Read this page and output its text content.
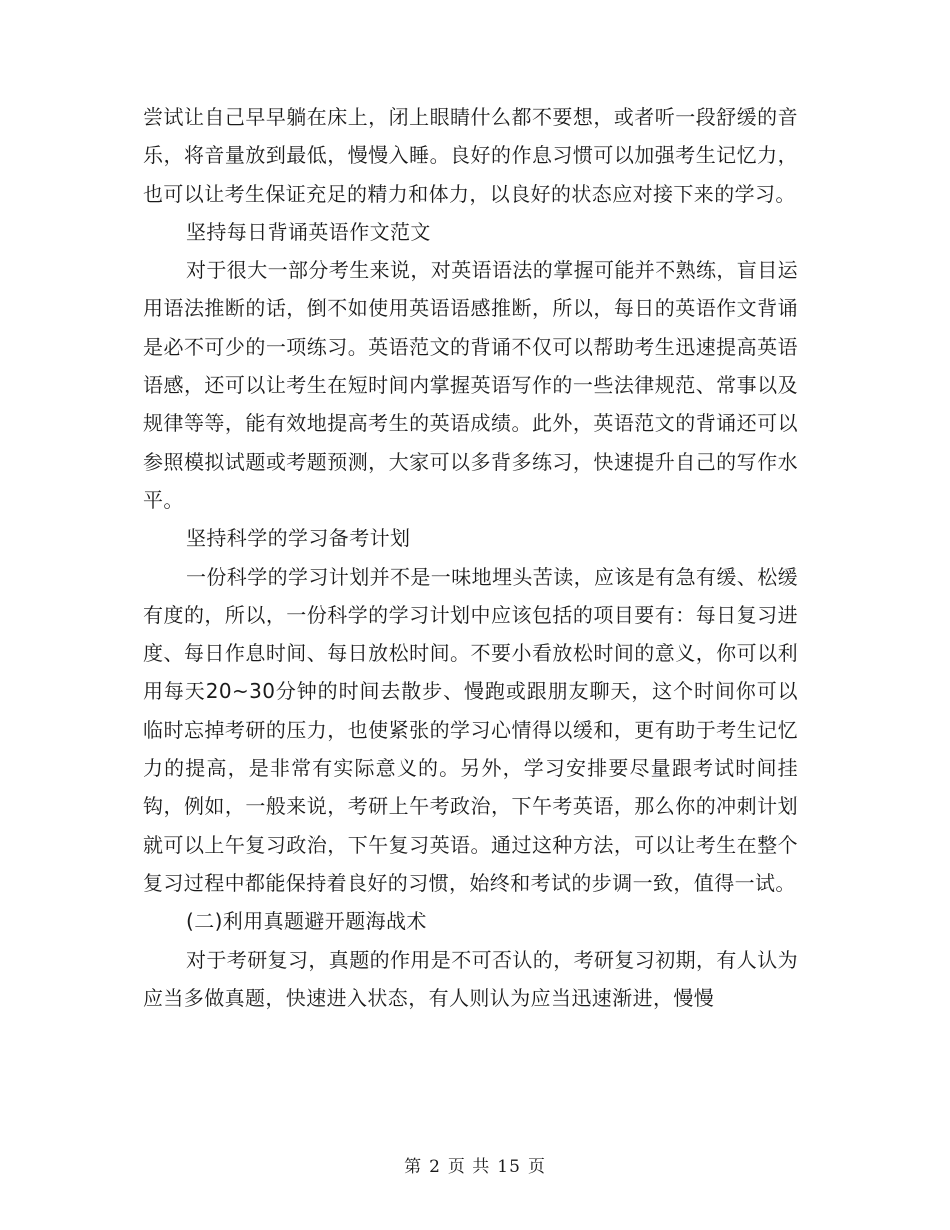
尝试让自己早早躺在床上，闭上眼睛什么都不要想，或者听一段舒缓的音乐，将音量放到最低，慢慢入睡。良好的作息习惯可以加强考生记忆力，也可以让考生保证充足的精力和体力，以良好的状态应对接下来的学习。

坚持每日背诵英语作文范文

对于很大一部分考生来说，对英语语法的掌握可能并不熟练，盲目运用语法推断的话，倒不如使用英语语感推断，所以，每日的英语作文背诵是必不可少的一项练习。英语范文的背诵不仅可以帮助考生迅速提高英语语感，还可以让考生在短时间内掌握英语写作的一些法律规范、常事以及规律等等，能有效地提高考生的英语成绩。此外，英语范文的背诵还可以参照模拟试题或考题预测，大家可以多背多练习，快速提升自己的写作水平。

坚持科学的学习备考计划

一份科学的学习计划并不是一味地埋头苦读，应该是有急有缓、松缓有度的，所以，一份科学的学习计划中应该包括的项目要有：每日复习进度、每日作息时间、每日放松时间。不要小看放松时间的意义，你可以利用每天20~30分钟的时间去散步、慢跑或跟朋友聊天，这个时间你可以临时忘掉考研的压力，也使紧张的学习心情得以缓和，更有助于考生记忆力的提高，是非常有实际意义的。另外，学习安排要尽量跟考试时间挂钩，例如，一般来说，考研上午考政治，下午考英语，那么你的冲刺计划就可以上午复习政治，下午复习英语。通过这种方法，可以让考生在整个复习过程中都能保持着良好的习惯，始终和考试的步调一致，值得一试。

(二)利用真题避开题海战术

对于考研复习，真题的作用是不可否认的，考研复习初期，有人认为应当多做真题，快速进入状态，有人则认为应当迅速渐进，慢慢

第 2 页 共 15 页
